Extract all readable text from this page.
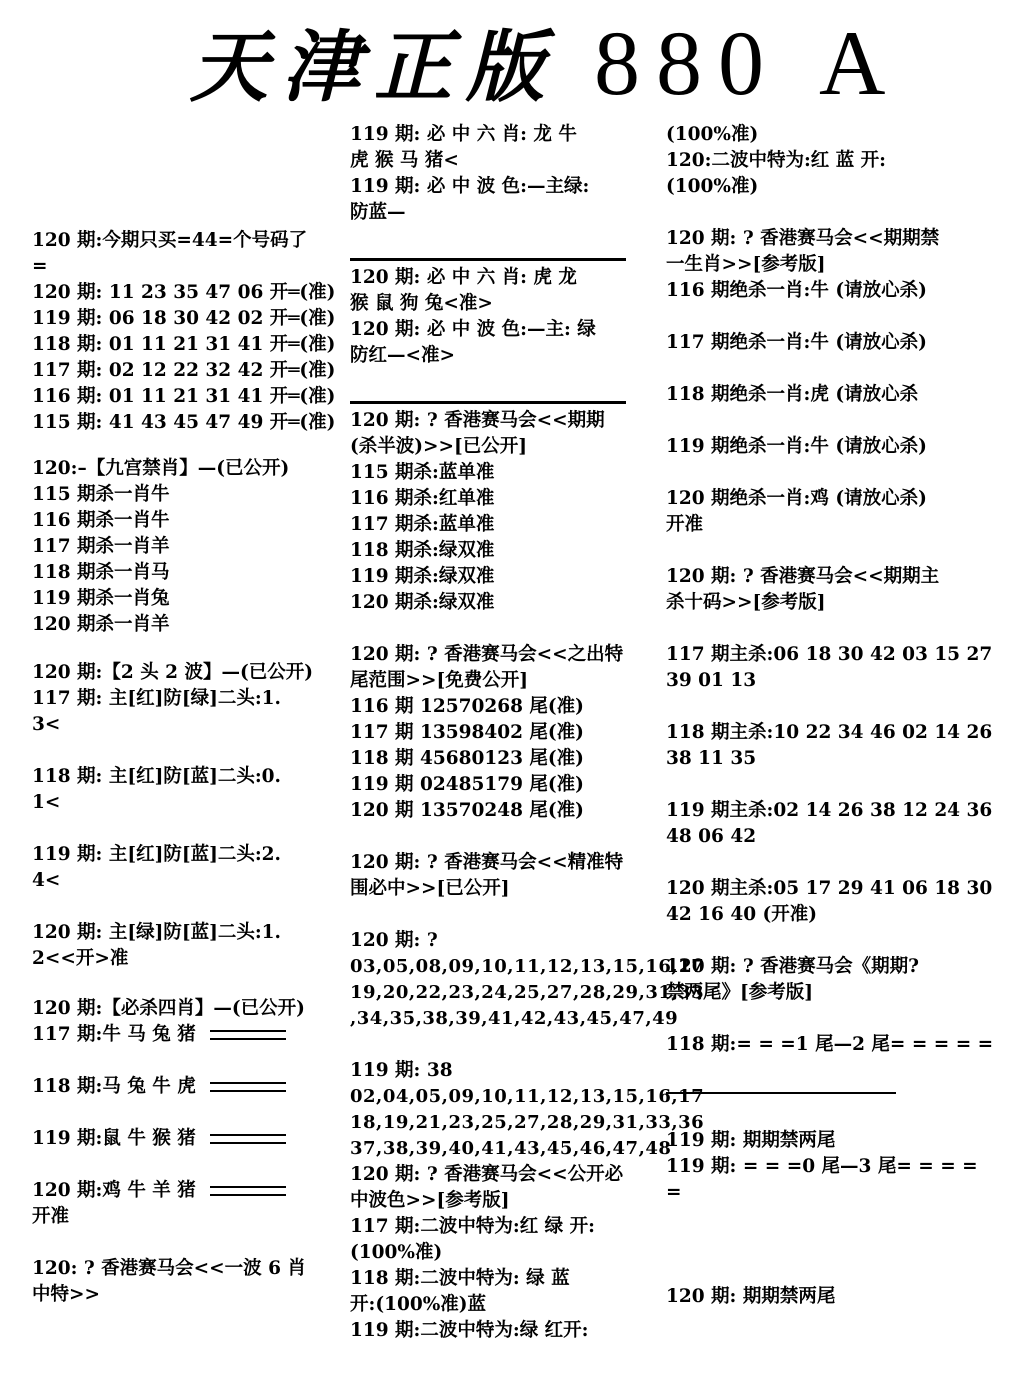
天津正版 880 A
120 期:今期只买=44=个号码了
=
120 期: 11 23 35 47 06 开═(准)
119 期: 06 18 30 42 02 开═(准)
118 期: 01 11 21 31 41 开═(准)
117 期: 02 12 22 32 42 开═(准)
116 期: 01 11 21 31 41 开═(准)
115 期: 41 43 45 47 49 开═(准)
120:–【九宫禁肖】—(已公开)
115 期杀一肖牛
116 期杀一肖牛
117 期杀一肖羊
118 期杀一肖马
119 期杀一肖兔
120 期杀一肖羊
120 期:【2 头 2 波】—(已公开)
117 期: 主[红]防[绿]二头:1.
3<
118 期: 主[红]防[蓝]二头:0.
1<
119 期: 主[红]防[蓝]二头:2.
4<
120 期: 主[绿]防[蓝]二头:1.
2<<开>准
120 期:【必杀四肖】—(已公开)
117 期:牛 马 兔 猪
118 期:马 兔 牛 虎
119 期:鼠 牛 猴 猪
120 期:鸡 牛 羊 猪
开准
120: ? 香港赛马会<<一波 6 肖
中特>>
119 期: 必 中 六 肖: 龙 牛
虎 猴 马 猪<
119 期: 必 中 波 色:—主绿:
防蓝—
120 期: 必 中 六 肖: 虎 龙
猴 鼠 狗 兔<准>
120 期: 必 中 波 色:—主: 绿
防红—<准>
120 期: ? 香港赛马会<<期期
(杀半波)>>[已公开]
115 期杀:蓝单准
116 期杀:红单准
117 期杀:蓝单准
118 期杀:绿双准
119 期杀:绿双准
120 期杀:绿双准
120 期: ? 香港赛马会<<之出特
尾范围>>[免费公开]
116 期 12570268 尾(准)
117 期 13598402 尾(准)
118 期 45680123 尾(准)
119 期 02485179 尾(准)
120 期 13570248 尾(准)
120 期: ? 香港赛马会<<精准特
围必中>>[已公开]
120 期: ?
03,05,08,09,10,11,12,13,15,16,17
19,20,22,23,24,25,27,28,29,31,33
,34,35,38,39,41,42,43,45,47,49
119 期: 38
02,04,05,09,10,11,12,13,15,16,17
18,19,21,23,25,27,28,29,31,33,36
37,38,39,40,41,43,45,46,47,48
120 期: ? 香港赛马会<<公开必
中波色>>[参考版]
117 期:二波中特为:红 绿 开:
(100%准)
118 期:二波中特为: 绿 蓝
开:(100%准)蓝
119 期:二波中特为:绿 红开:
(100%准)
120:二波中特为:红 蓝 开:
(100%准)
120 期: ? 香港赛马会<<期期禁
一生肖>>[参考版]
116 期绝杀一肖:牛 (请放心杀)
117 期绝杀一肖:牛 (请放心杀)
118 期绝杀一肖:虎 (请放心杀
119 期绝杀一肖:牛 (请放心杀)
120 期绝杀一肖:鸡 (请放心杀)
开准
120 期: ? 香港赛马会<<期期主
杀十码>>[参考版]
117 期主杀:06 18 30 42 03 15 27
39 01 13
118 期主杀:10 22 34 46 02 14 26
38 11 35
119 期主杀:02 14 26 38 12 24 36
48 06 42
120 期主杀:05 17 29 41 06 18 30
42 16 40 (开准)
120 期: ? 香港赛马会《期期?
禁两尾》[参考版]
118 期:= = =1 尾—2 尾= = = = =
119 期: 期期禁两尾
119 期: = = =0 尾—3 尾= = = =
=
120 期: 期期禁两尾
